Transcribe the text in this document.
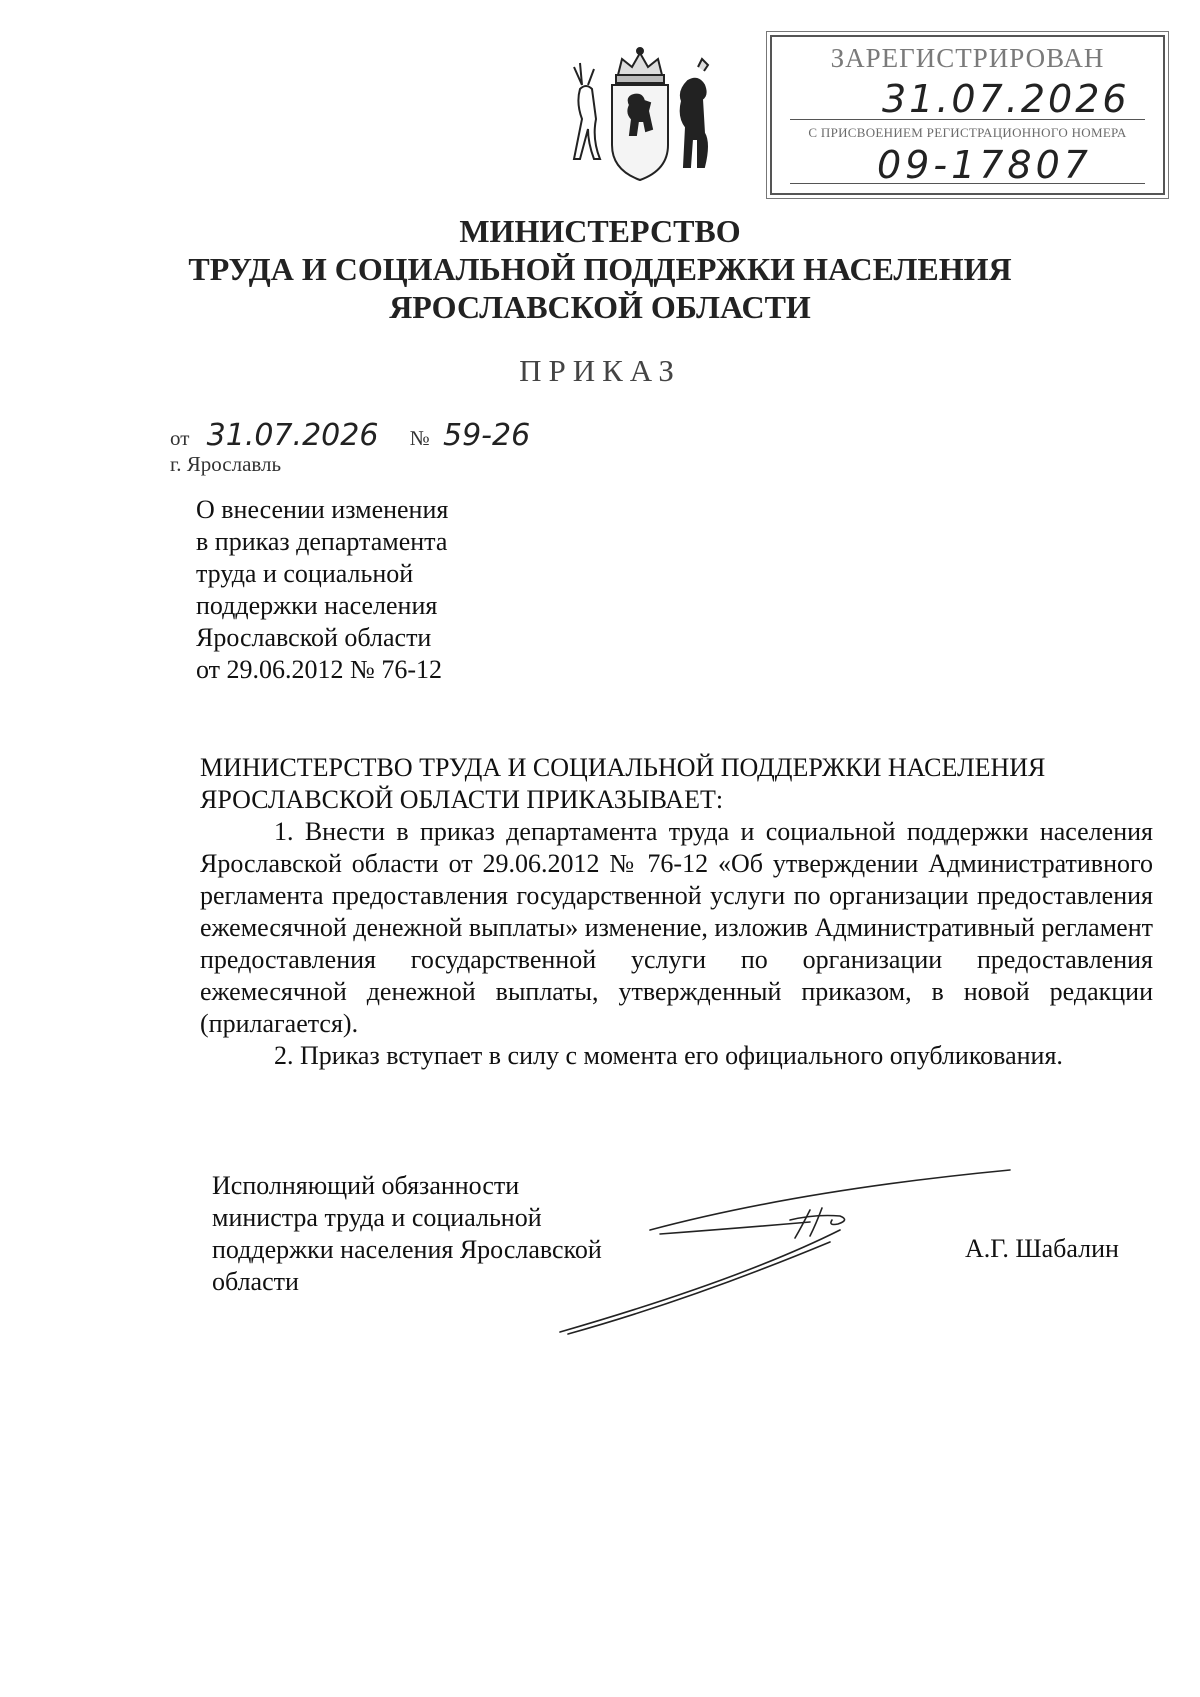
ЗАРЕГИСТРИРОВАН
31.07.2026
С ПРИСВОЕНИЕМ РЕГИСТРАЦИОННОГО НОМЕРА
09-17807
МИНИСТЕРСТВО
ТРУДА И СОЦИАЛЬНОЙ ПОДДЕРЖКИ НАСЕЛЕНИЯ
ЯРОСЛАВСКОЙ ОБЛАСТИ
ПРИКАЗ
от 31.07.2026 № 59-26
г. Ярославль
О внесении изменения
в приказ департамента
труда и социальной
поддержки населения
Ярославской области
от 29.06.2012 № 76-12
МИНИСТЕРСТВО ТРУДА И СОЦИАЛЬНОЙ ПОДДЕРЖКИ НАСЕЛЕНИЯ
ЯРОСЛАВСКОЙ ОБЛАСТИ ПРИКАЗЫВАЕТ:

1. Внести в приказ департамента труда и социальной поддержки населения Ярославской области от 29.06.2012 № 76-12 «Об утверждении Административного регламента предоставления государственной услуги по организации предоставления ежемесячной денежной выплаты» изменение, изложив Административный регламент предоставления государственной услуги по организации предоставления ежемесячной денежной выплаты, утвержденный приказом, в новой редакции (прилагается).

2. Приказ вступает в силу с момента его официального опубликования.

Исполняющий обязанности
министра труда и социальной
поддержки населения Ярославской
области
А.Г. Шабалин
